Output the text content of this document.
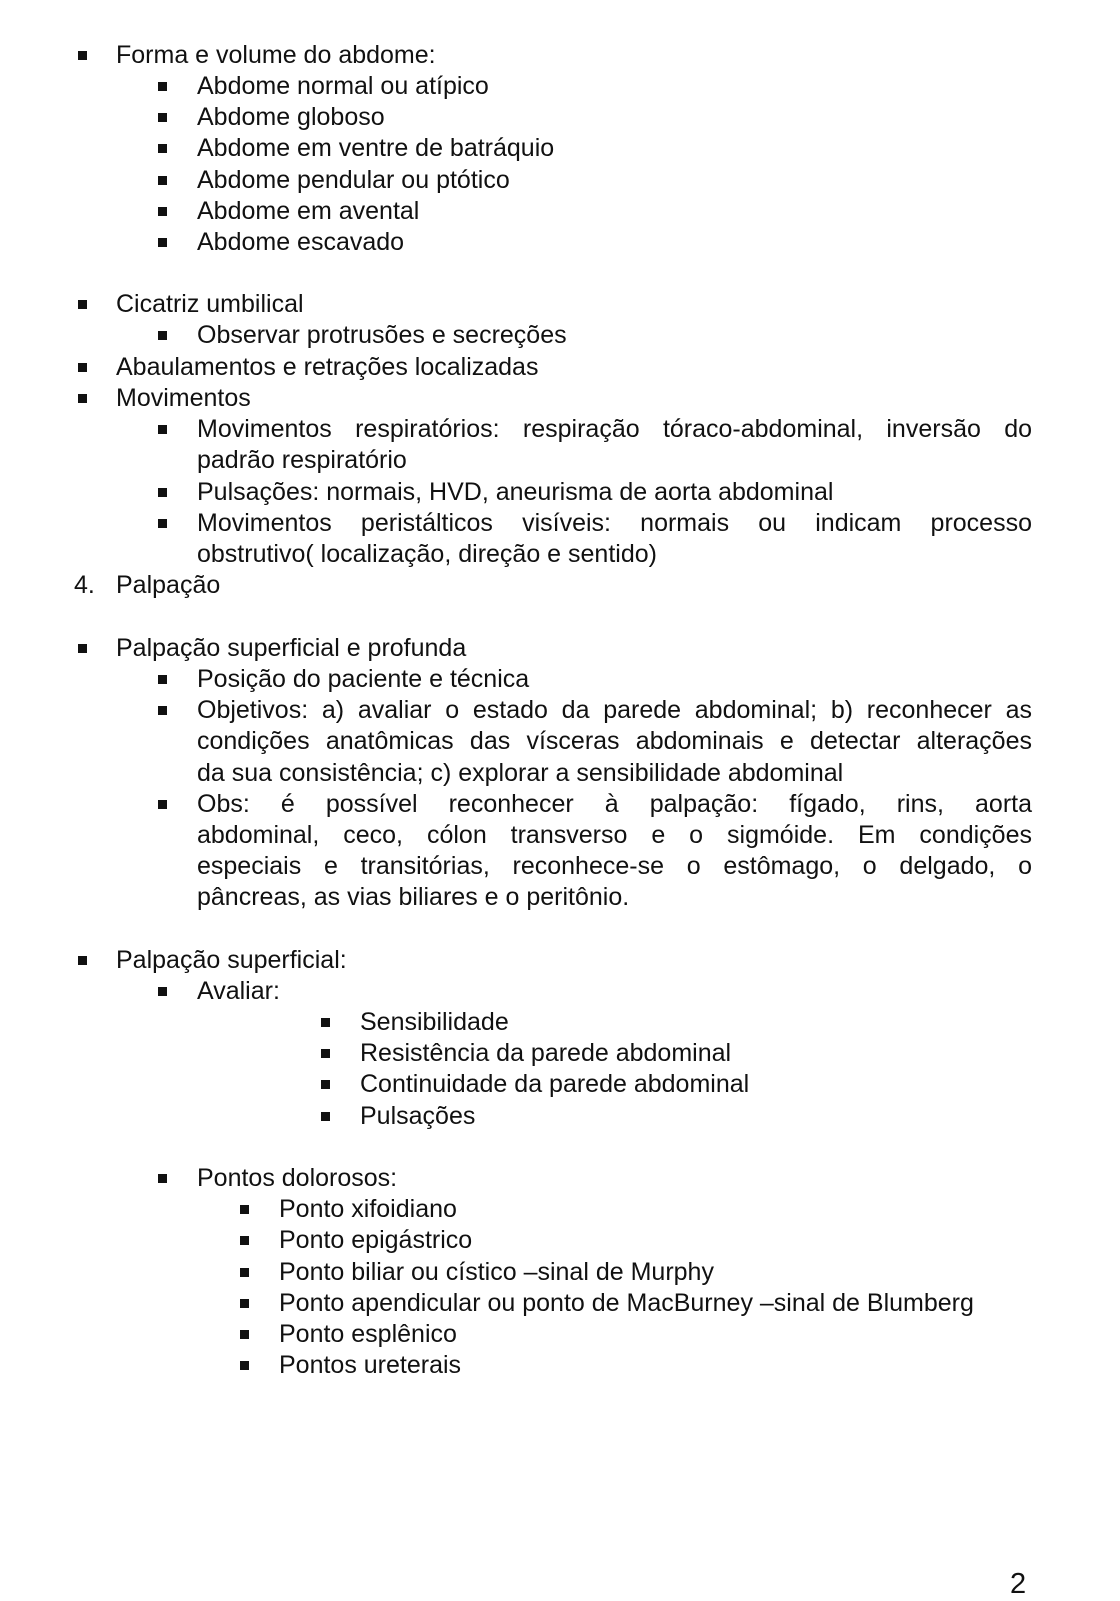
Forma e volume do abdome:
Abdome normal ou atípico
Abdome globoso
Abdome em ventre de batráquio
Abdome pendular ou ptótico
Abdome em avental
Abdome escavado
Cicatriz umbilical
Observar protrusões e secreções
Abaulamentos e retrações localizadas
Movimentos
Movimentos respiratórios: respiração tóraco-abdominal, inversão do
padrão respiratório
Pulsações: normais, HVD, aneurisma de aorta abdominal
Movimentos peristálticos visíveis: normais ou indicam processo
obstrutivo( localização, direção e sentido)
4. Palpação
Palpação superficial e profunda
Posição do paciente e técnica
Objetivos: a) avaliar o estado da parede abdominal; b) reconhecer as
condições anatômicas das vísceras abdominais e detectar alterações
da sua consistência; c) explorar a sensibilidade abdominal
Obs: é possível reconhecer à palpação: fígado, rins, aorta
abdominal, ceco, cólon transverso e o sigmóide. Em condições
especiais e transitórias, reconhece-se o estômago, o delgado, o
pâncreas, as vias biliares e o peritônio.
Palpação superficial:
Avaliar:
Sensibilidade
Resistência da parede abdominal
Continuidade da parede abdominal
Pulsações
Pontos dolorosos:
Ponto xifoidiano
Ponto epigástrico
Ponto biliar ou cístico –sinal de Murphy
Ponto apendicular ou ponto de MacBurney –sinal de Blumberg
Ponto esplênico
Pontos ureterais
2
